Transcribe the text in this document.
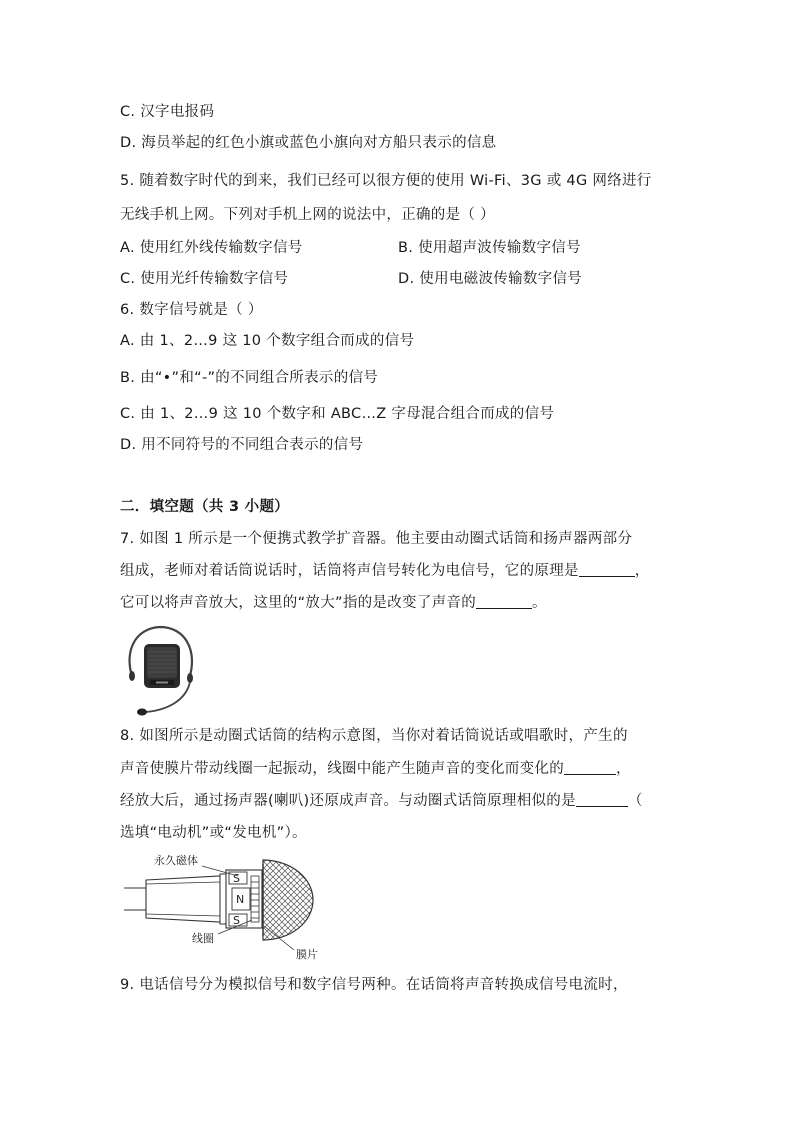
C. 汉字电报码
D. 海员举起的红色小旗或蓝色小旗向对方船只表示的信息
5. 随着数字时代的到来，我们已经可以很方便的使用 Wi-Fi、3G 或 4G 网络进行
无线手机上网。下列对手机上网的说法中，正确的是（ ）
A. 使用红外线传输数字信号	B. 使用超声波传输数字信号
C. 使用光纤传输数字信号	D. 使用电磁波传输数字信号
6. 数字信号就是（ ）
A. 由 1、2…9 这 10 个数字组合而成的信号
B. 由“•”和“-”的不同组合所表示的信号
C. 由 1、2…9 这 10 个数字和 ABC…Z 字母混合组合而成的信号
D. 用不同符号的不同组合表示的信号
二．填空题（共 3 小题）
7. 如图 1 所示是一个便携式教学扩音器。他主要由动圈式话筒和扬声器两部分
组成，老师对着话筒说话时，话筒将声信号转化为电信号，它的原理是	，
它可以将声音放大，这里的“放大”指的是改变了声音的	。
8. 如图所示是动圈式话筒的结构示意图，当你对着话筒说话或唱歌时，产生的
声音使膜片带动线圈一起振动，线圈中能产生随声音的变化而变化的	，
经放大后，通过扬声器(喇叭)还原成声音。与动圈式话筒原理相似的是	（
选填“电动机”或“发电机”）。
S
N
S
永久磁体
线圈
膜片
9. 电话信号分为模拟信号和数字信号两种。在话筒将声音转换成信号电流时，
